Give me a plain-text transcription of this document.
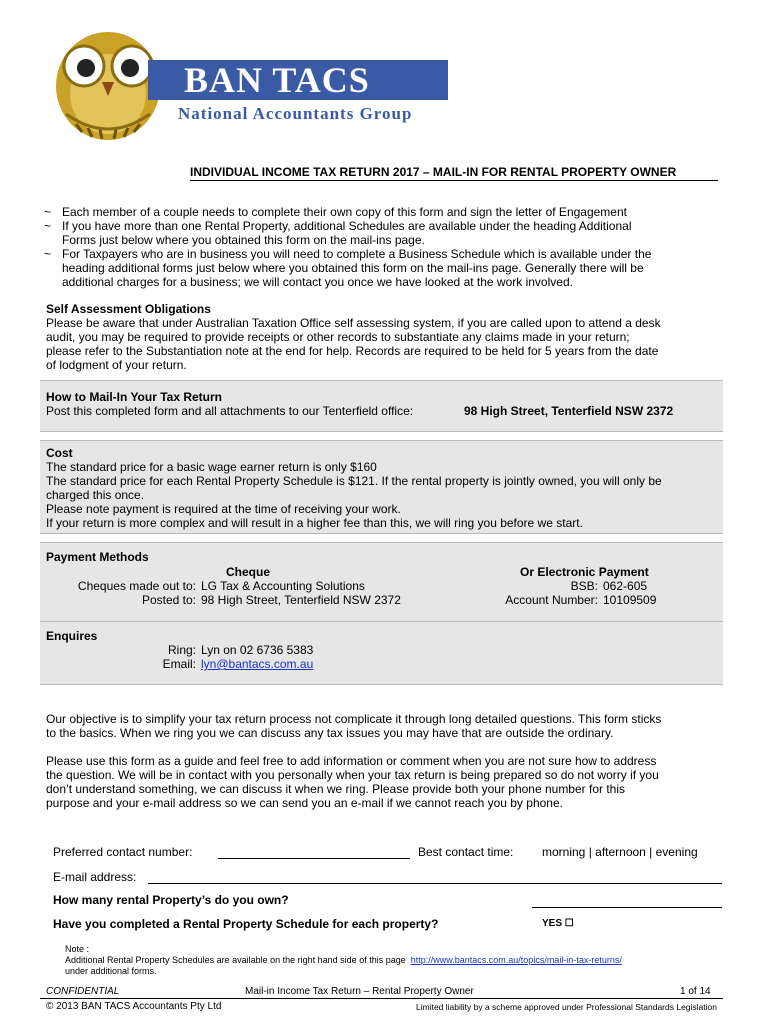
BAN TACS
National Accountants Group
INDIVIDUAL INCOME TAX RETURN 2017 – MAIL-IN FOR RENTAL PROPERTY OWNER
~ Each member of a couple needs to complete their own copy of this form and sign the letter of Engagement
~ If you have more than one Rental Property, additional Schedules are available under the heading Additional
Forms just below where you obtained this form on the mail-ins page.
~ For Taxpayers who are in business you will need to complete a Business Schedule which is available under the
heading additional forms just below where you obtained this form on the mail-ins page. Generally there will be
additional charges for a business; we will contact you once we have looked at the work involved.
Self Assessment Obligations
Please be aware that under Australian Taxation Office self assessing system, if you are called upon to attend a desk
audit, you may be required to provide receipts or other records to substantiate any claims made in your return;
please refer to the Substantiation note at the end for help. Records are required to be held for 5 years from the date
of lodgment of your return.
How to Mail-In Your Tax Return
Post this completed form and all attachments to our Tenterfield office:	98 High Street, Tenterfield NSW 2372
Cost
The standard price for a basic wage earner return is only $160
The standard price for each Rental Property Schedule is $121. If the rental property is jointly owned, you will only be
charged this once.
Please note payment is required at the time of receiving your work.
If your return is more complex and will result in a higher fee than this, we will ring you before we start.
Payment Methods
Cheque
Cheques made out to: LG Tax & Accounting Solutions
Posted to: 98 High Street, Tenterfield NSW 2372
Or Electronic Payment
BSB: 062-605
Account Number: 10109509
Enquires
Ring: Lyn on 02 6736 5383
Email: lyn@bantacs.com.au
Our objective is to simplify your tax return process not complicate it through long detailed questions. This form sticks
to the basics. When we ring you we can discuss any tax issues you may have that are outside the ordinary.
Please use this form as a guide and feel free to add information or comment when you are not sure how to address
the question. We will be in contact with you personally when your tax return is being prepared so do not worry if you
don’t understand something, we can discuss it when we ring. Please provide both your phone number for this
purpose and your e-mail address so we can send you an e-mail if we cannot reach you by phone.
Preferred contact number:	Best contact time: morning | afternoon | evening
E-mail address:
How many rental Property’s do you own?
Have you completed a Rental Property Schedule for each property?	YES ☐
Note :
Additional Rental Property Schedules are available on the right hand side of this page http://www.bantacs.com.au/topics/mail-in-tax-returns/
under additional forms.
CONFIDENTIAL	Mail-in Income Tax Return – Rental Property Owner	1 of 14
© 2013 BAN TACS Accountants Pty Ltd	Limited liability by a scheme approved under Professional Standards Legislation
